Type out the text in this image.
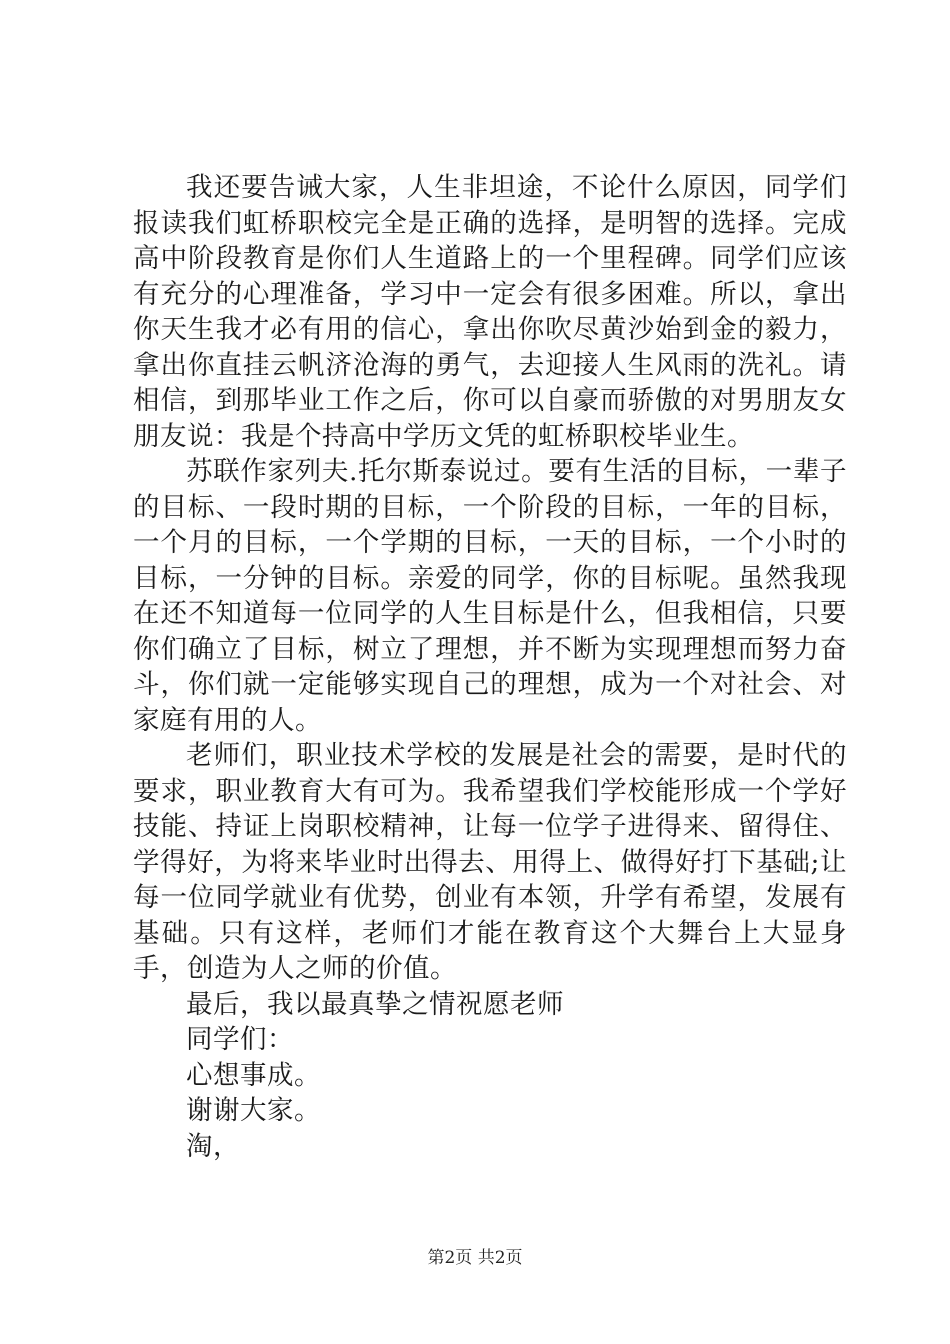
我还要告诫大家，人生非坦途，不论什么原因，同学们报读我们虹桥职校完全是正确的选择，是明智的选择。完成高中阶段教育是你们人生道路上的一个里程碑。同学们应该有充分的心理准备，学习中一定会有很多困难。所以，拿出你天生我才必有用的信心，拿出你吹尽黄沙始到金的毅力，拿出你直挂云帆济沧海的勇气，去迎接人生风雨的洗礼。请相信，到那毕业工作之后，你可以自豪而骄傲的对男朋友女朋友说：我是个持高中学历文凭的虹桥职校毕业生。

苏联作家列夫.托尔斯泰说过。要有生活的目标，一辈子的目标、一段时期的目标，一个阶段的目标，一年的目标，一个月的目标，一个学期的目标，一天的目标，一个小时的目标，一分钟的目标。亲爱的同学，你的目标呢。虽然我现在还不知道每一位同学的人生目标是什么，但我相信，只要你们确立了目标，树立了理想，并不断为实现理想而努力奋斗，你们就一定能够实现自己的理想，成为一个对社会、对家庭有用的人。

老师们，职业技术学校的发展是社会的需要，是时代的要求，职业教育大有可为。我希望我们学校能形成一个学好技能、持证上岗职校精神，让每一位学子进得来、留得住、学得好，为将来毕业时出得去、用得上、做得好打下基础;让每一位同学就业有优势，创业有本领，升学有希望，发展有基础。只有这样，老师们才能在教育这个大舞台上大显身手，创造为人之师的价值。

最后，我以最真挚之情祝愿老师

同学们：

心想事成。

谢谢大家。

淘，

第2页 共2页
